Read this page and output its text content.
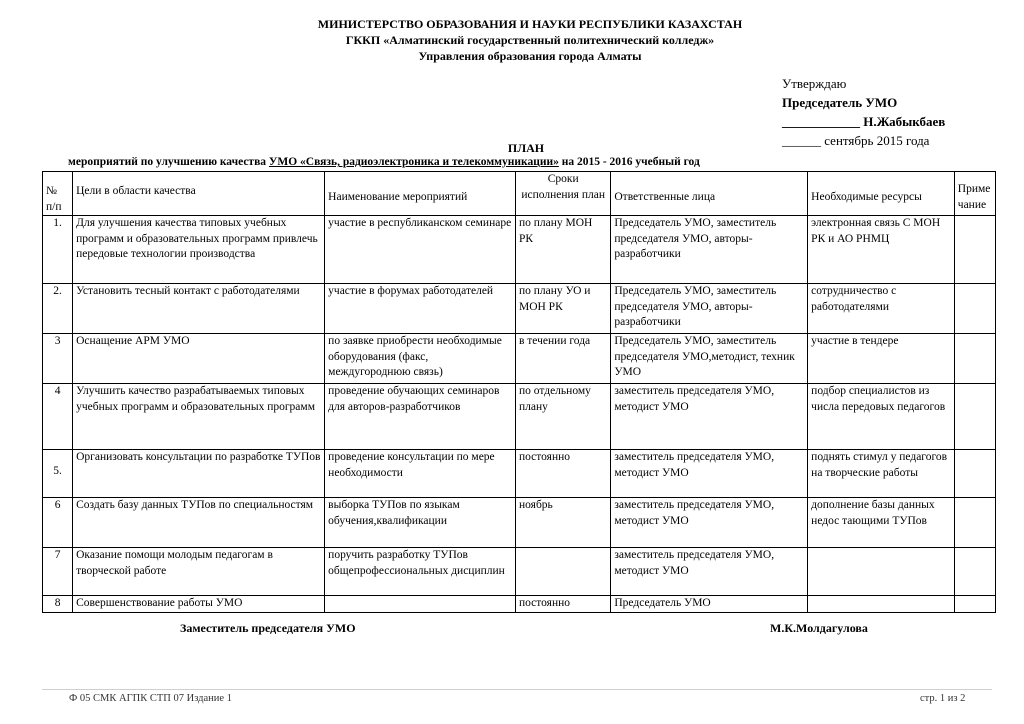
МИНИСТЕРСТВО ОБРАЗОВАНИЯ И НАУКИ РЕСПУБЛИКИ КАЗАХСТАН
ГККП «Алматинский государственный политехнический колледж»
Управления образования города Алматы
Утверждаю
Председатель УМО
____________ Н.Жабыкбаев
______ сентябрь 2015 года
ПЛАН
мероприятий по улучшению качества УМО «Связь, радиоэлектроника и телекоммуникации» на 2015 - 2016 учебный год
№ п/п	Цели в области качества	Наименование мероприятий	Сроки исполнения план	Ответственные лица	Необходимые ресурсы	Приме чание
1.	Для улучшения качества типовых учебных программ и образовательных программ привлечь передовые технологии производства	участие в республиканском семинаре	по плану МОН РК	Председатель УМО, заместитель председателя УМО, авторы-разработчики	электронная связь С МОН РК и АО РНМЦ	
2.	Установить тесный контакт с работодателями	участие в форумах работодателей	по плану УО и МОН РК	Председатель УМО, заместитель председателя УМО, авторы-разработчики	сотрудничество с работодателями	
3	Оснащение АРМ УМО	по заявке приобрести необходимые оборудования (факс, междугороднюю связь)	в течении года	Председатель УМО, заместитель председателя УМО,методист, техник УМО	участие в тендере	
4	Улучшить качество разрабатываемых типовых учебных программ и образовательных программ	проведение обучающих семинаров для авторов-разработчиков	по отдельному плану	заместитель председателя УМО, методист УМО	подбор специалистов из числа передовых педагогов	
5.	Организовать консультации по разработке ТУПов	проведение консультации по мере необходимости	постоянно	заместитель председателя УМО, методист УМО	поднять стимул у педагогов на творческие работы	
6	Создать базу данных ТУПов по специальностям	выборка ТУПов по языкам обучения,квалификации	ноябрь	заместитель председателя УМО, методист УМО	дополнение базы данных недос тающими ТУПов	
7	Оказание помощи молодым педагогам в творческой работе	поручить разработку ТУПов общепрофессиональных дисциплин		заместитель председателя УМО, методист УМО		
8	Совершенствование работы УМО		постоянно	Председатель УМО		
Заместитель председателя УМО	М.К.Молдагулова
Ф 05 СМК АГПК СТП 07 Издание 1	стр. 1 из 2
